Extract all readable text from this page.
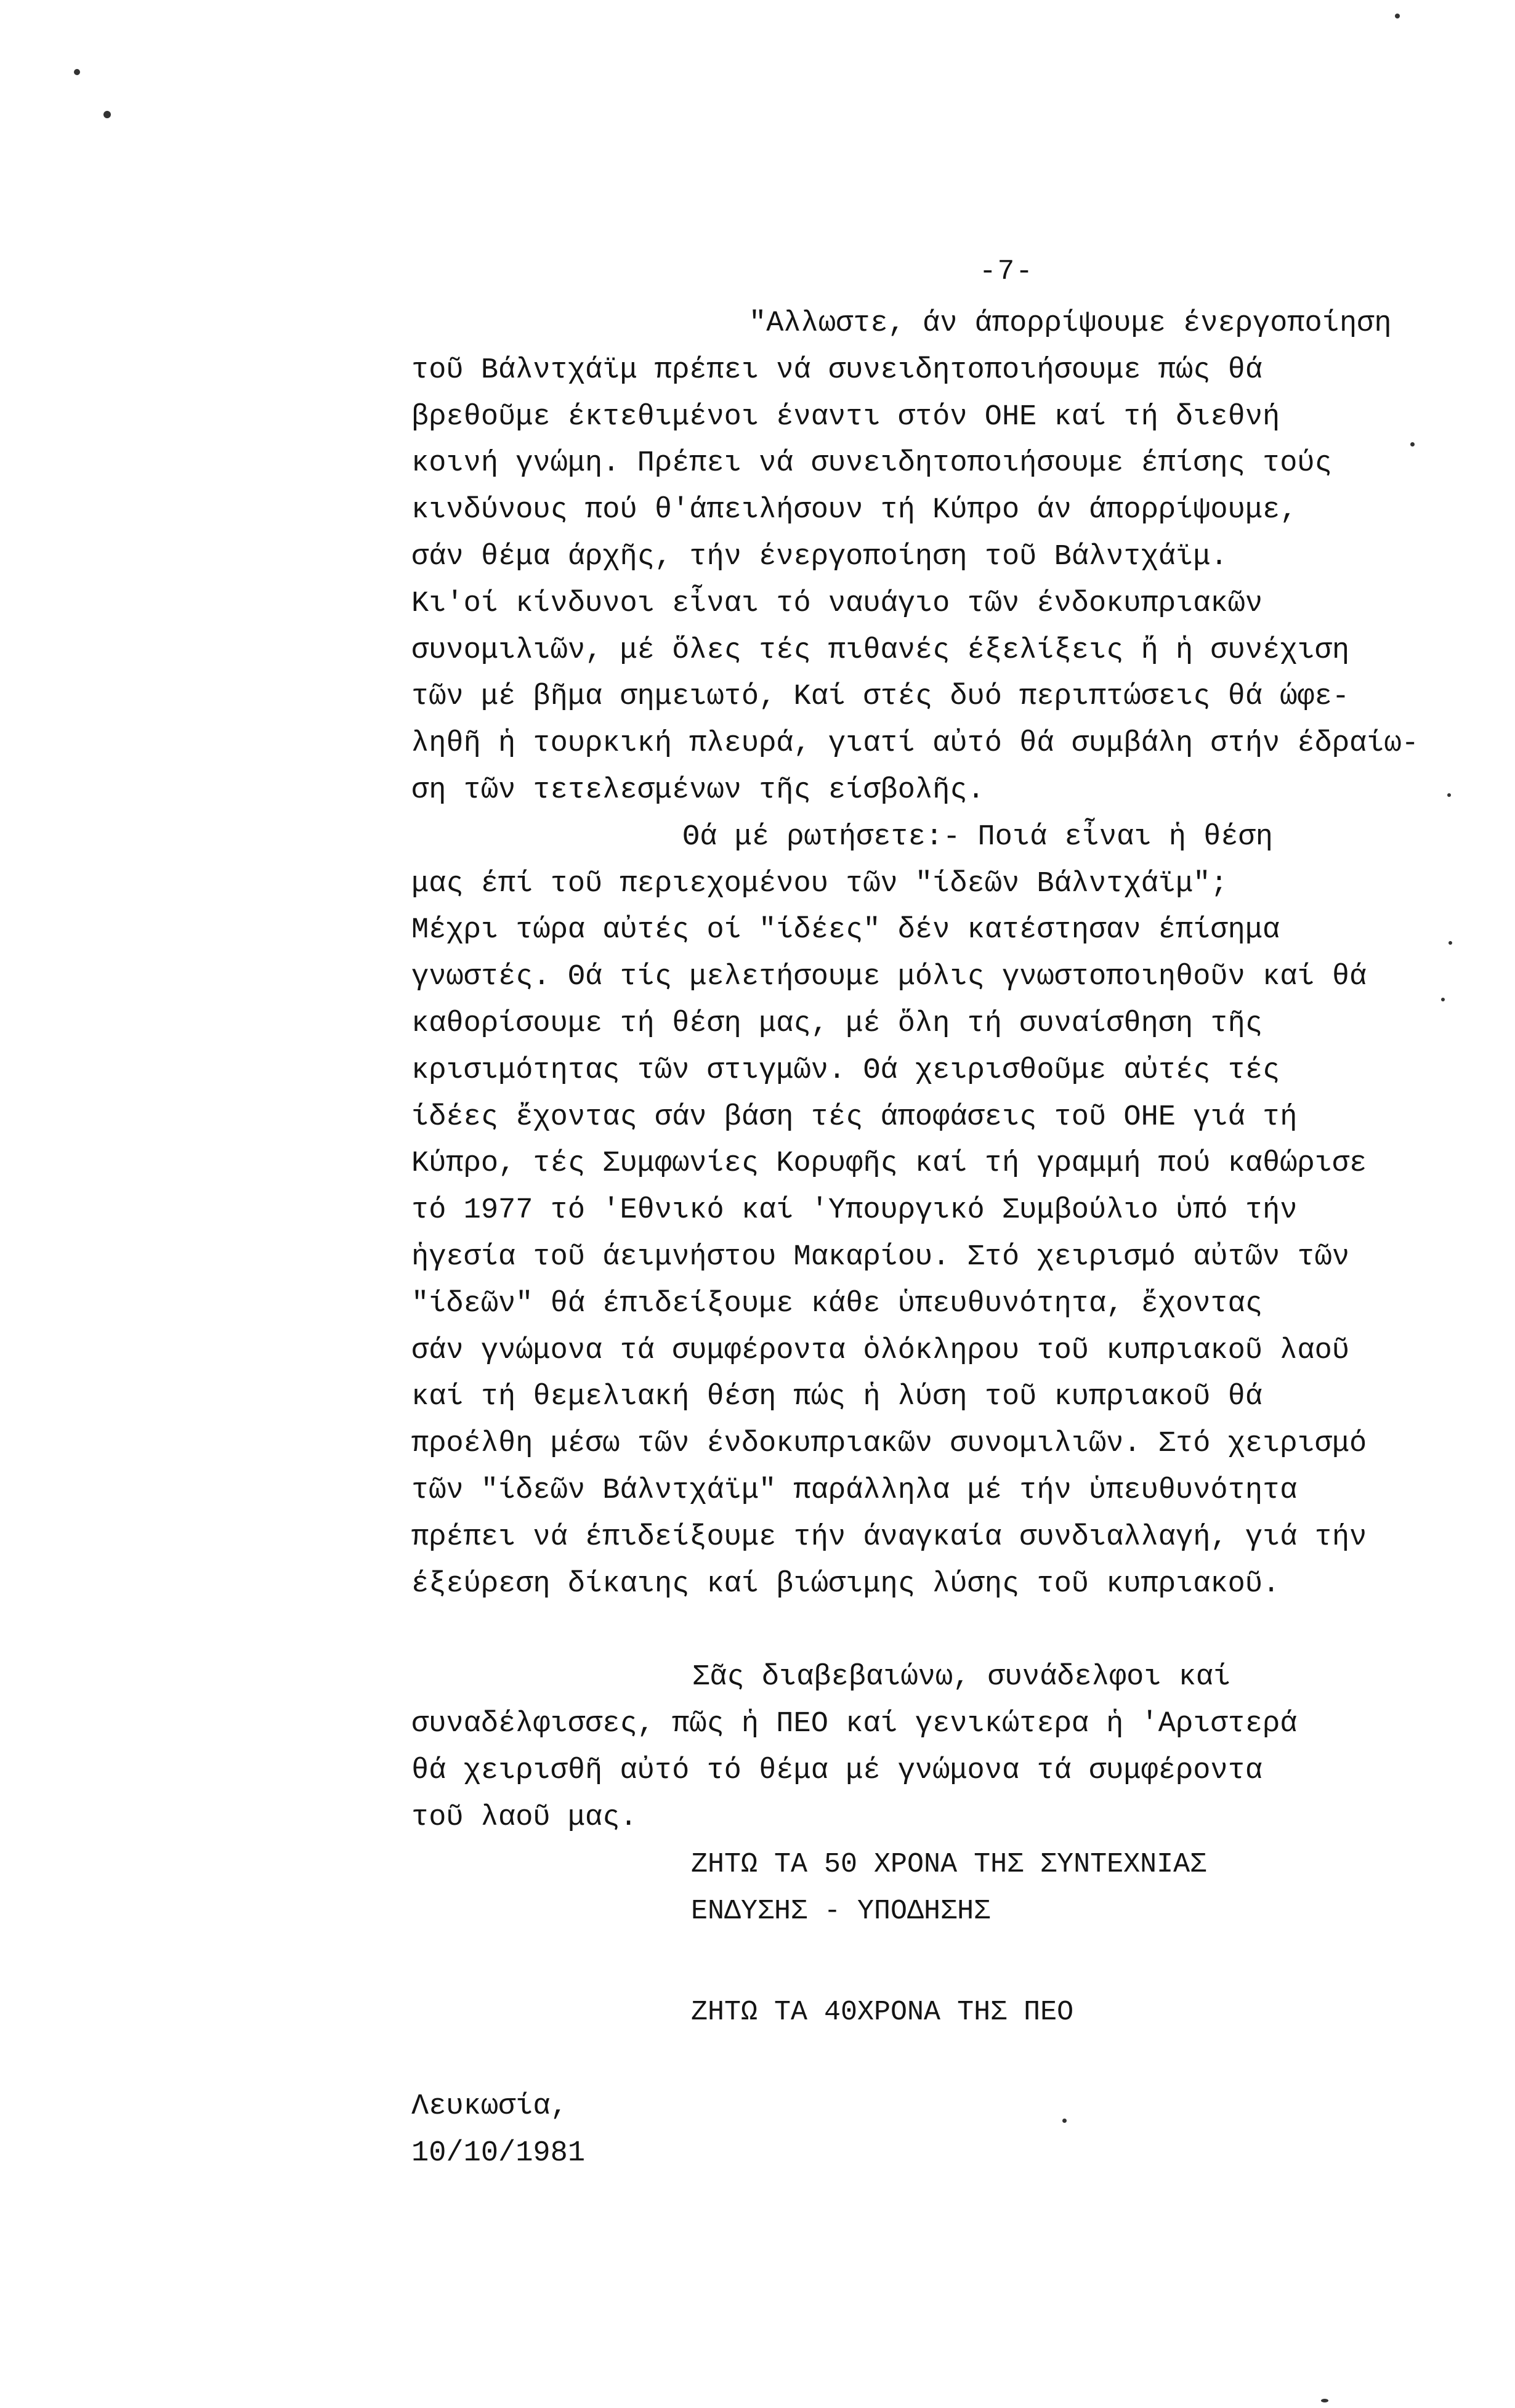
-7-
"Αλλωστε, άν άπορρίψουμε ένεργοποίηση
τοῦ Βάλντχάϊμ πρέπει νά συνειδητοποιήσουμε πώς θά
βρεθοῦμε έκτεθιμένοι έναντι στόν ΟΗΕ καί τή διεθνή
κοινή γνώμη. Πρέπει νά συνειδητοποιήσουμε έπίσης τούς
κινδύνους πού θ'άπειλήσουν τή Κύπρο άν άπορρίψουμε,
σάν θέμα άρχῆς, τήν ένεργοποίηση τοῦ Βάλντχάϊμ.
Κι'οί κίνδυνοι εἶναι τό ναυάγιο τῶν ένδοκυπριακῶν
συνομιλιῶν, μέ ὅλες τές πιθανές έξελίξεις ἤ ἡ συνέχιση
τῶν μέ βῆμα σημειωτό, Καί στές δυό περιπτώσεις θά ώφε-
ληθῆ ἡ τουρκική πλευρά, γιατί αὐτό θά συμβάλη στήν έδραίω-
ση τῶν τετελεσμένων τῆς είσβολῆς.
Θά μέ ρωτήσετε:- Ποιά εἶναι ἡ θέση
μας έπί τοῦ περιεχομένου τῶν "ίδεῶν Βάλντχάϊμ";
Μέχρι τώρα αὐτές οί "ίδέες" δέν κατέστησαν έπίσημα
γνωστές. Θά τίς μελετήσουμε μόλις γνωστοποιηθοῦν καί θά
καθορίσουμε τή θέση μας, μέ ὅλη τή συναίσθηση τῆς
κρισιμότητας τῶν στιγμῶν. Θά χειρισθοῦμε αὐτές τές
ίδέες ἔχοντας σάν βάση τές άποφάσεις τοῦ ΟΗΕ γιά τή
Κύπρο, τές Συμφωνίες Κορυφῆς καί τή γραμμή πού καθώρισε
τό 1977 τό 'Εθνικό καί 'Υπουργικό Συμβούλιο ὑπό τήν
ἡγεσία τοῦ άειμνήστου Μακαρίου. Στό χειρισμό αὐτῶν τῶν
"ίδεῶν" θά έπιδείξουμε κάθε ὑπευθυνότητα, ἔχοντας
σάν γνώμονα τά συμφέροντα ὁλόκληρου τοῦ κυπριακοῦ λαοῦ
καί τή θεμελιακή θέση πώς ἡ λύση τοῦ κυπριακοῦ θά
προέλθη μέσω τῶν ένδοκυπριακῶν συνομιλιῶν. Στό χειρισμό
τῶν "ίδεῶν Βάλντχάϊμ" παράλληλα μέ τήν ὑπευθυνότητα
πρέπει νά έπιδείξουμε τήν άναγκαία συνδιαλλαγή, γιά τήν
έξεύρεση δίκαιης καί βιώσιμης λύσης τοῦ κυπριακοῦ.
Σᾶς διαβεβαιώνω, συνάδελφοι καί
συναδέλφισσες, πῶς ἡ ΠΕΟ καί γενικώτερα ἡ 'Αριστερά
θά χειρισθῆ αὐτό τό θέμα μέ γνώμονα τά συμφέροντα
τοῦ λαοῦ μας.
ΖΗΤΩ ΤΑ 50 ΧΡΟΝΑ ΤΗΣ ΣΥΝΤΕΧΝΙΑΣ
ΕΝΔΥΣΗΣ - ΥΠΟΔΗΣΗΣ
ΖΗΤΩ ΤΑ 40ΧΡΟΝΑ ΤΗΣ ΠΕΟ
Λευκωσία,
10/10/1981
